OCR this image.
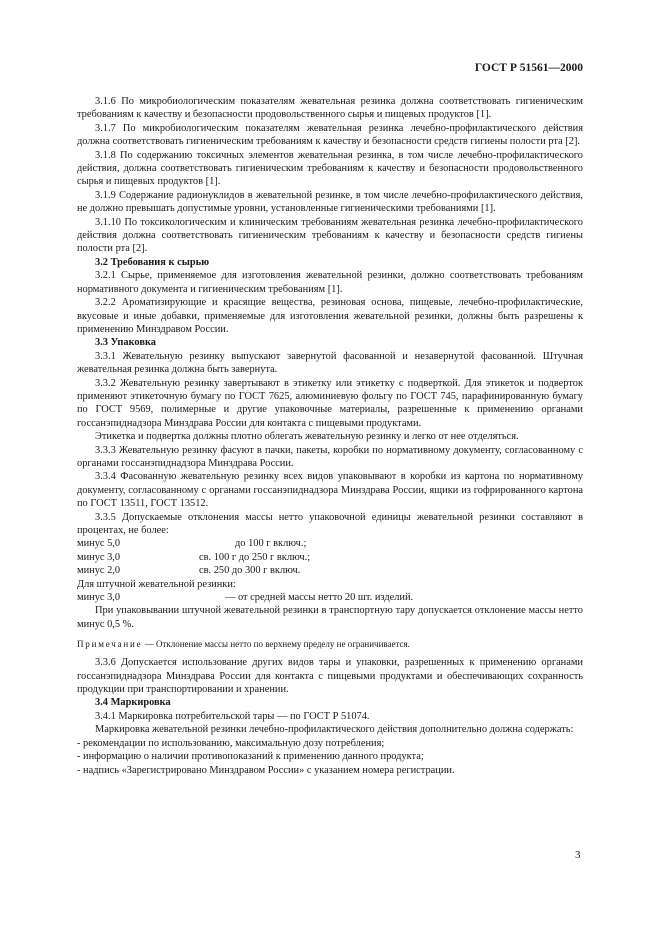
ГОСТ Р 51561—2000

3.1.6 По микробиологическим показателям жевательная резинка должна соответствовать гигиеническим требованиям к качеству и безопасности продовольственного сырья и пищевых продуктов [1].

3.1.7 По микробиологическим показателям жевательная резинка лечебно-профилактического действия должна соответствовать гигиеническим требованиям к качеству и безопасности средств гигиены полости рта [2].

3.1.8 По содержанию токсичных элементов жевательная резинка, в том числе лечебно-профилактического действия, должна соответствовать гигиеническим требованиям к качеству и безопасности продовольственного сырья и пищевых продуктов [1].

3.1.9 Содержание радионуклидов в жевательной резинке, в том числе лечебно-профилактического действия, не должно превышать допустимые уровни, установленные гигиеническими требованиями [1].

3.1.10 По токсикологическим и клиническим требованиям жевательная резинка лечебно-профилактического действия должна соответствовать гигиеническим требованиям к качеству и безопасности средств гигиены полости рта [2].

3.2 Требования к сырью

3.2.1 Сырье, применяемое для изготовления жевательной резинки, должно соответствовать требованиям нормативного документа и гигиеническим требованиям [1].

3.2.2 Ароматизирующие и красящие вещества, резиновая основа, пищевые, лечебно-профилактические, вкусовые и иные добавки, применяемые для изготовления жевательной резинки, должны быть разрешены к применению Минздравом России.

3.3 Упаковка

3.3.1 Жевательную резинку выпускают завернутой фасованной и незавернутой фасованной. Штучная жевательная резинка должна быть завернута.

3.3.2 Жевательную резинку завертывают в этикетку или этикетку с подверткой. Для этикеток и подверток применяют этикеточную бумагу по ГОСТ 7625, алюминиевую фольгу по ГОСТ 745, парафинированную бумагу по ГОСТ 9569, полимерные и другие упаковочные материалы, разрешенные к применению органами госсанэпиднадзора Минздрава России для контакта с пищевыми продуктами.

Этикетка и подвертка должны плотно облегать жевательную резинку и легко от нее отделяться.

3.3.3 Жевательную резинку фасуют в пачки, пакеты, коробки по нормативному документу, согласованному с органами госсанэпиднадзора Минздрава России.

3.3.4 Фасованную жевательную резинку всех видов упаковывают в коробки из картона по нормативному документу, согласованному с органами госсанэпиднадзора Минздрава России, ящики из гофрированного картона по ГОСТ 13511, ГОСТ 13512.

3.3.5 Допускаемые отклонения массы нетто упаковочной единицы жевательной резинки составляют в процентах, не более:

минус 5,0	до 100 г включ.;
минус 3,0	св. 100 г до 250 г включ.;
минус 2,0	св. 250 до 300 г включ.

Для штучной жевательной резинки:

минус 3,0	— от средней массы нетто 20 шт. изделий.

При упаковывании штучной жевательной резинки в транспортную тару допускается отклонение массы нетто минус 0,5 %.

Примечание — Отклонение массы нетто по верхнему пределу не ограничивается.

3.3.6 Допускается использование других видов тары и упаковки, разрешенных к применению органами госсанэпиднадзора Минздрава России для контакта с пищевыми продуктами и обеспечивающих сохранность продукции при транспортировании и хранении.

3.4 Маркировка

3.4.1 Маркировка потребительской тары — по ГОСТ Р 51074.

Маркировка жевательной резинки лечебно-профилактического действия дополнительно должна содержать:

- рекомендации по использованию, максимальную дозу потребления;

- информацию о наличии противопоказаний к применению данного продукта;

- надпись «Зарегистрировано Минздравом России» с указанием номера регистрации.

3
